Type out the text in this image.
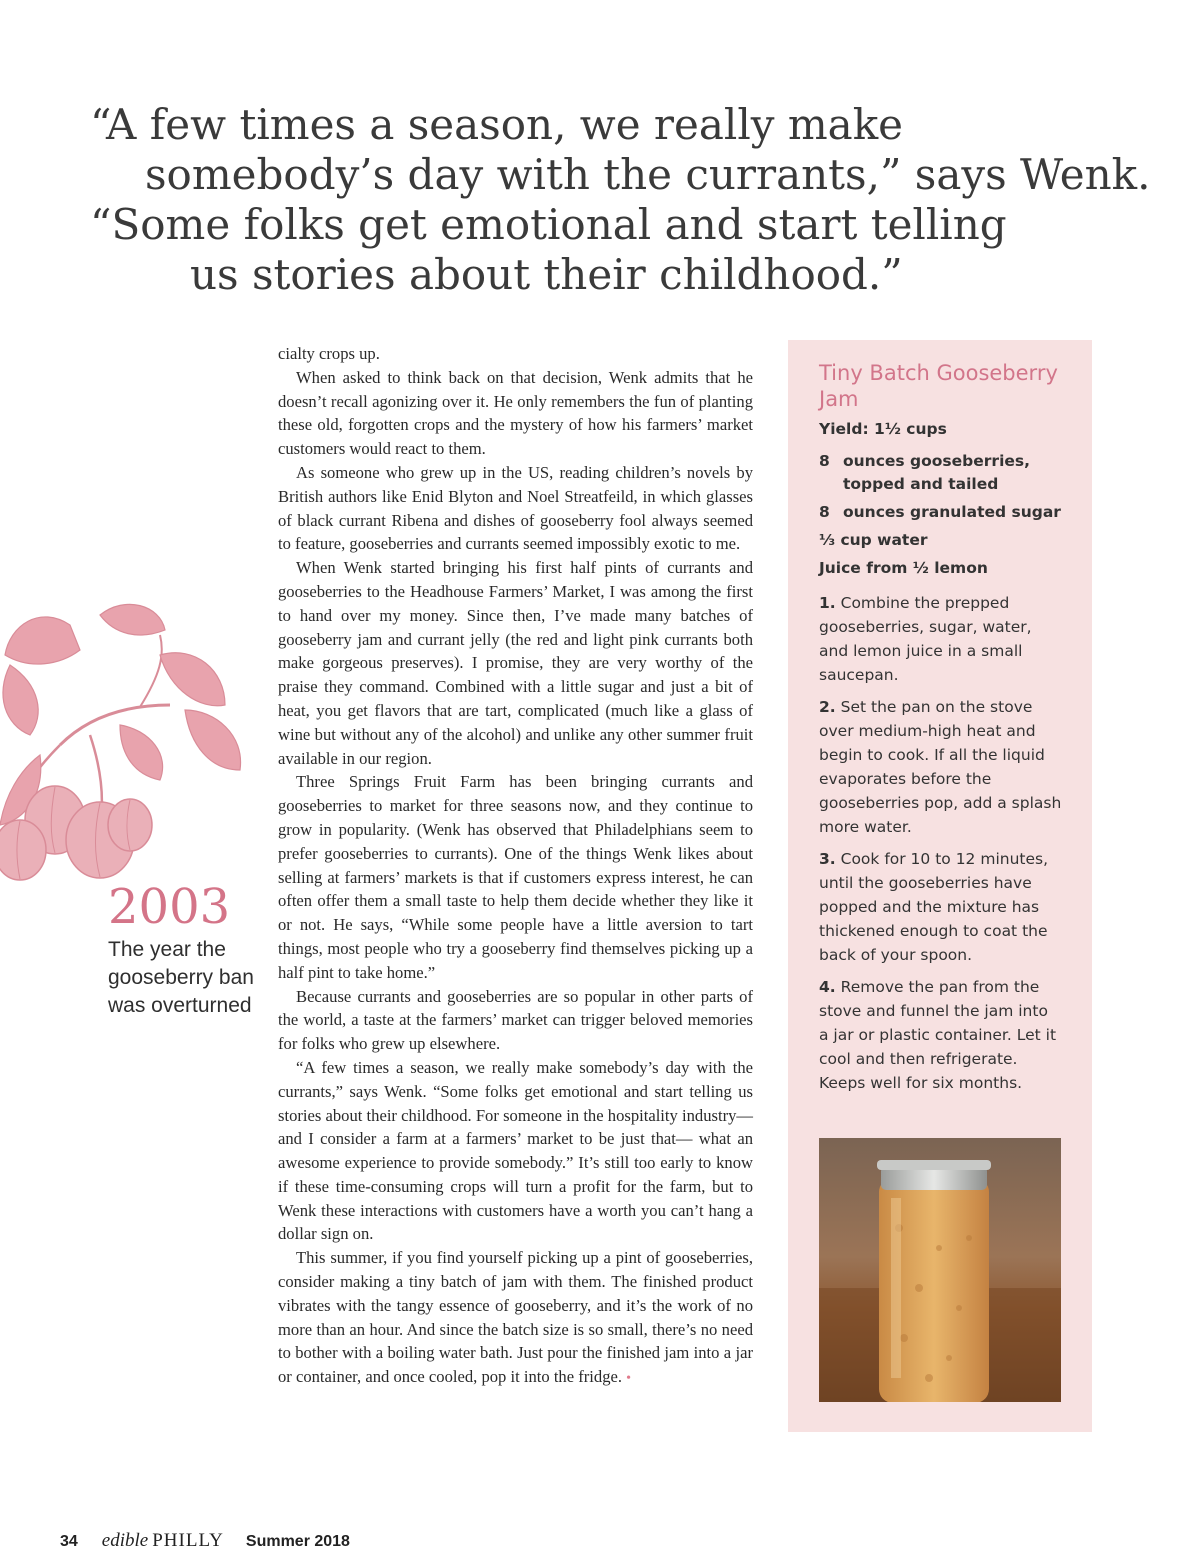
“A few times a season, we really make
somebody’s day with the currants,” says Wenk.
“Some folks get emotional and start telling
us stories about their childhood.”
2003
The year the gooseberry ban was overturned

cialty crops up.

When asked to think back on that decision, Wenk admits that he doesn’t recall agonizing over it. He only remembers the fun of planting these old, forgotten crops and the mystery of how his farmers’ market customers would react to them.

As someone who grew up in the US, reading children’s novels by British authors like Enid Blyton and Noel Streatfeild, in which glasses of black currant Ribena and dishes of gooseberry fool always seemed to feature, gooseberries and currants seemed impossibly exotic to me.

When Wenk started bringing his first half pints of currants and gooseberries to the Headhouse Farmers’ Market, I was among the first to hand over my money. Since then, I’ve made many batches of gooseberry jam and currant jelly (the red and light pink currants both make gorgeous preserves). I promise, they are very worthy of the praise they command. Combined with a little sugar and just a bit of heat, you get flavors that are tart, complicated (much like a glass of wine but without any of the alcohol) and unlike any other summer fruit available in our region.

Three Springs Fruit Farm has been bringing currants and gooseberries to market for three seasons now, and they continue to grow in popularity. (Wenk has observed that Philadelphians seem to prefer gooseberries to currants). One of the things Wenk likes about selling at farmers’ markets is that if customers express interest, he can often offer them a small taste to help them decide whether they like it or not. He says, “While some people have a little aversion to tart things, most people who try a gooseberry find themselves picking up a half pint to take home.”

Because currants and gooseberries are so popular in other parts of the world, a taste at the farmers’ market can trigger beloved memories for folks who grew up elsewhere.

“A few times a season, we really make somebody’s day with the currants,” says Wenk. “Some folks get emotional and start telling us stories about their childhood. For someone in the hospitality industry—and I consider a farm at a farmers’ market to be just that— what an awesome experience to provide somebody.” It’s still too early to know if these time-consuming crops will turn a profit for the farm, but to Wenk these interactions with customers have a worth you can’t hang a dollar sign on.

This summer, if you find yourself picking up a pint of gooseberries, consider making a tiny batch of jam with them. The finished product vibrates with the tangy essence of gooseberry, and it’s the work of no more than an hour. And since the batch size is so small, there’s no need to bother with a boiling water bath. Just pour the finished jam into a jar or container, and once cooled, pop it into the fridge. •

Tiny Batch Gooseberry Jam
Yield: 1½ cups
8 ounces gooseberries, topped and tailed
8 ounces granulated sugar
⅓ cup water
Juice from ½ lemon
1. Combine the prepped gooseberries, sugar, water, and lemon juice in a small saucepan.
2. Set the pan on the stove over medium-high heat and begin to cook. If all the liquid evaporates before the gooseberries pop, add a splash more water.
3. Cook for 10 to 12 minutes, until the gooseberries have popped and the mixture has thickened enough to coat the back of your spoon.
4. Remove the pan from the stove and funnel the jam into a jar or plastic container. Let it cool and then refrigerate. Keeps well for six months.
34 edible PHILLY Summer 2018
